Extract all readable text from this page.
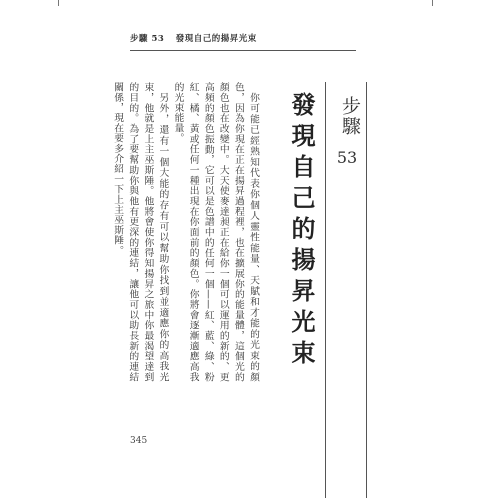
步驟 53 發現自己的揚昇光束
步驟
53
發現自己的揚昇光束

你可能已經熟知代表你個人靈性能量、天賦和才能的光束的顏色，因為你現在正在揚昇過程裡，也在擴展你的能量體，這個光的顏色也在改變中。大天使麥達昶正在給你一個可以運用的新的、更高頻的顏色振動，它可以是色譜中的任何一個——紅、藍、綠、粉紅、橘、黃或任何一種出現在你面前的顏色。你將會逐漸適應高我的光束能量。

另外，還有一個大能的存有可以幫助你找到並適應你的高我光束，他就是上主巫斯陲。他將會使你得知揚昇之旅中你最渴望達到的目的。為了要幫助你與他有更深的連結，讓他可以助長新的連結關係，現在要多介紹一下上主巫斯陲。

345
